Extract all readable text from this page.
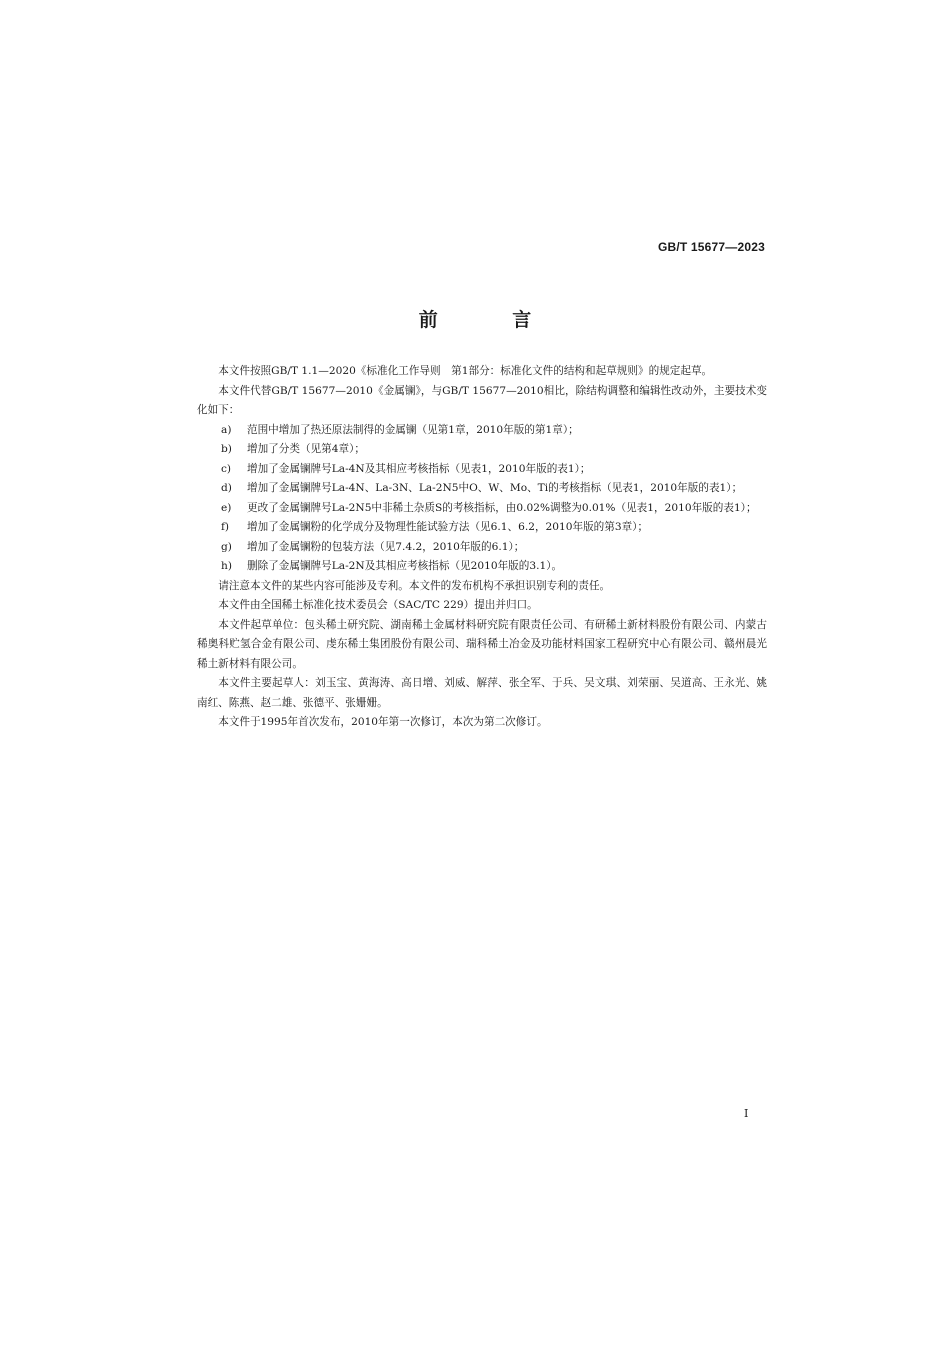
GB/T 15677—2023
前 言

本文件按照GB/T 1.1—2020《标准化工作导则　第1部分：标准化文件的结构和起草规则》的规定起草。

本文件代替GB/T 15677—2010《金属镧》，与GB/T 15677—2010相比，除结构调整和编辑性改动外，主要技术变化如下：

a) 范围中增加了热还原法制得的金属镧（见第1章，2010年版的第1章）；

b) 增加了分类（见第4章）；

c) 增加了金属镧牌号La-4N及其相应考核指标（见表1，2010年版的表1）；

d) 增加了金属镧牌号La-4N、La-3N、La-2N5中O、W、Mo、Ti的考核指标（见表1，2010年版的表1）；

e) 更改了金属镧牌号La-2N5中非稀土杂质S的考核指标，由0.02%调整为0.01%（见表1，2010年版的表1）；

f) 增加了金属镧粉的化学成分及物理性能试验方法（见6.1、6.2，2010年版的第3章）；

g) 增加了金属镧粉的包装方法（见7.4.2，2010年版的6.1）；

h) 删除了金属镧牌号La-2N及其相应考核指标（见2010年版的3.1）。

请注意本文件的某些内容可能涉及专利。本文件的发布机构不承担识别专利的责任。

本文件由全国稀土标准化技术委员会（SAC/TC 229）提出并归口。

本文件起草单位：包头稀土研究院、湖南稀土金属材料研究院有限责任公司、有研稀土新材料股份有限公司、内蒙古稀奥科贮氢合金有限公司、虔东稀土集团股份有限公司、瑞科稀土冶金及功能材料国家工程研究中心有限公司、赣州晨光稀土新材料有限公司。

本文件主要起草人：刘玉宝、黄海涛、高日增、刘威、解萍、张全军、于兵、吴文琪、刘荣丽、吴道高、王永光、姚南红、陈燕、赵二雄、张德平、张姗姗。

本文件于1995年首次发布，2010年第一次修订，本次为第二次修订。

I
